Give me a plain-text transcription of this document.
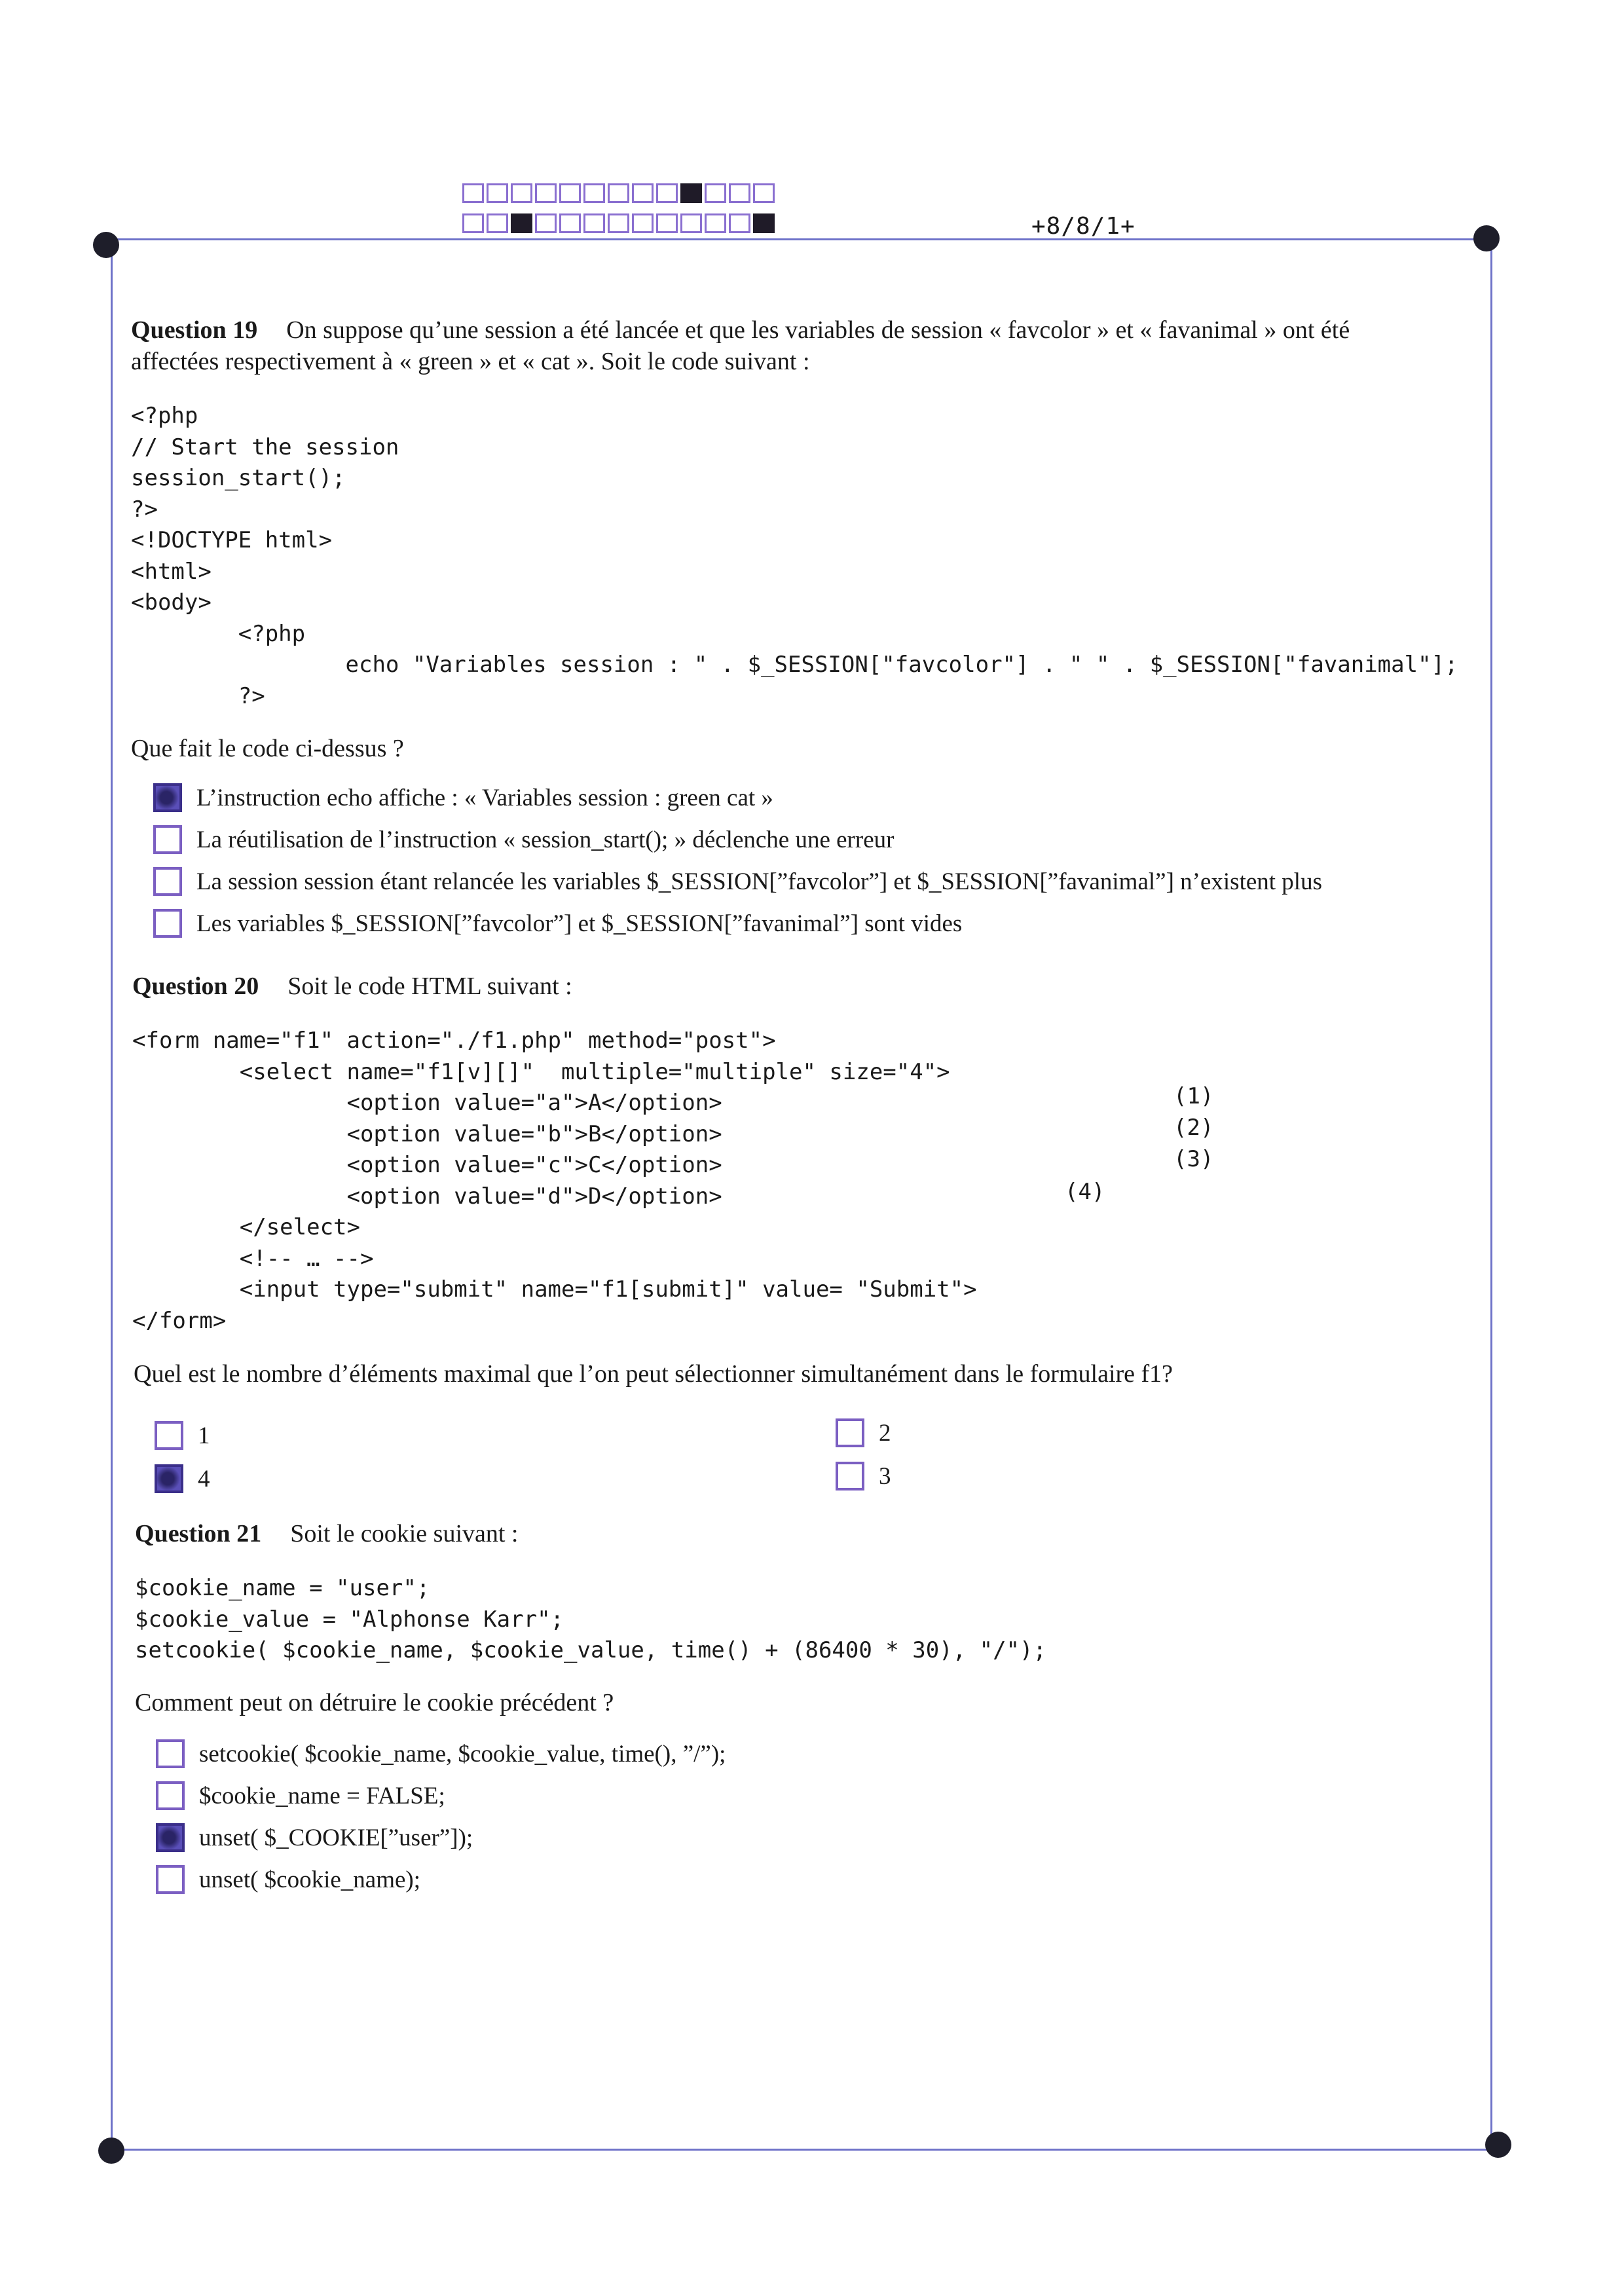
+8/8/1+
Question 19 On suppose qu’une session a été lancée et que les variables de session « favcolor » et « favanimal » ont été
affectées respectivement à « green » et « cat ». Soit le code suivant :
<?php
// Start the session
session_start();
?>
<!DOCTYPE html>
<html>
<body>
<?php
echo "Variables session : " . $_SESSION["favcolor"] . " " . $_SESSION["favanimal"];
?>
Que fait le code ci-dessus ?
L’instruction echo affiche : « Variables session : green cat »
La réutilisation de l’instruction « session_start(); » déclenche une erreur
La session session étant relancée les variables $_SESSION[”favcolor”] et $_SESSION[”favanimal”] n’existent plus
Les variables $_SESSION[”favcolor”] et $_SESSION[”favanimal”] sont vides
Question 20 Soit le code HTML suivant :
<form name="f1" action="./f1.php" method="post">
<select name="f1[v][]"  multiple="multiple" size="4">
<option value="a">A</option>
<option value="b">B</option>
<option value="c">C</option>
<option value="d">D</option>
</select>
<!-- … -->
<input type="submit" name="f1[submit]" value= "Submit">
</form>
(1)
(2)
(3)
(4)
Quel est le nombre d’éléments maximal que l’on peut sélectionner simultanément dans le formulaire f1?
1	2
4	3
Question 21 Soit le cookie suivant :
$cookie_name = "user";
$cookie_value = "Alphonse Karr";
setcookie( $cookie_name, $cookie_value, time() + (86400 * 30), "/");
Comment peut on détruire le cookie précédent ?
setcookie( $cookie_name, $cookie_value, time(), ”/”);
$cookie_name = FALSE;
unset( $_COOKIE[”user”]);
unset( $cookie_name);
